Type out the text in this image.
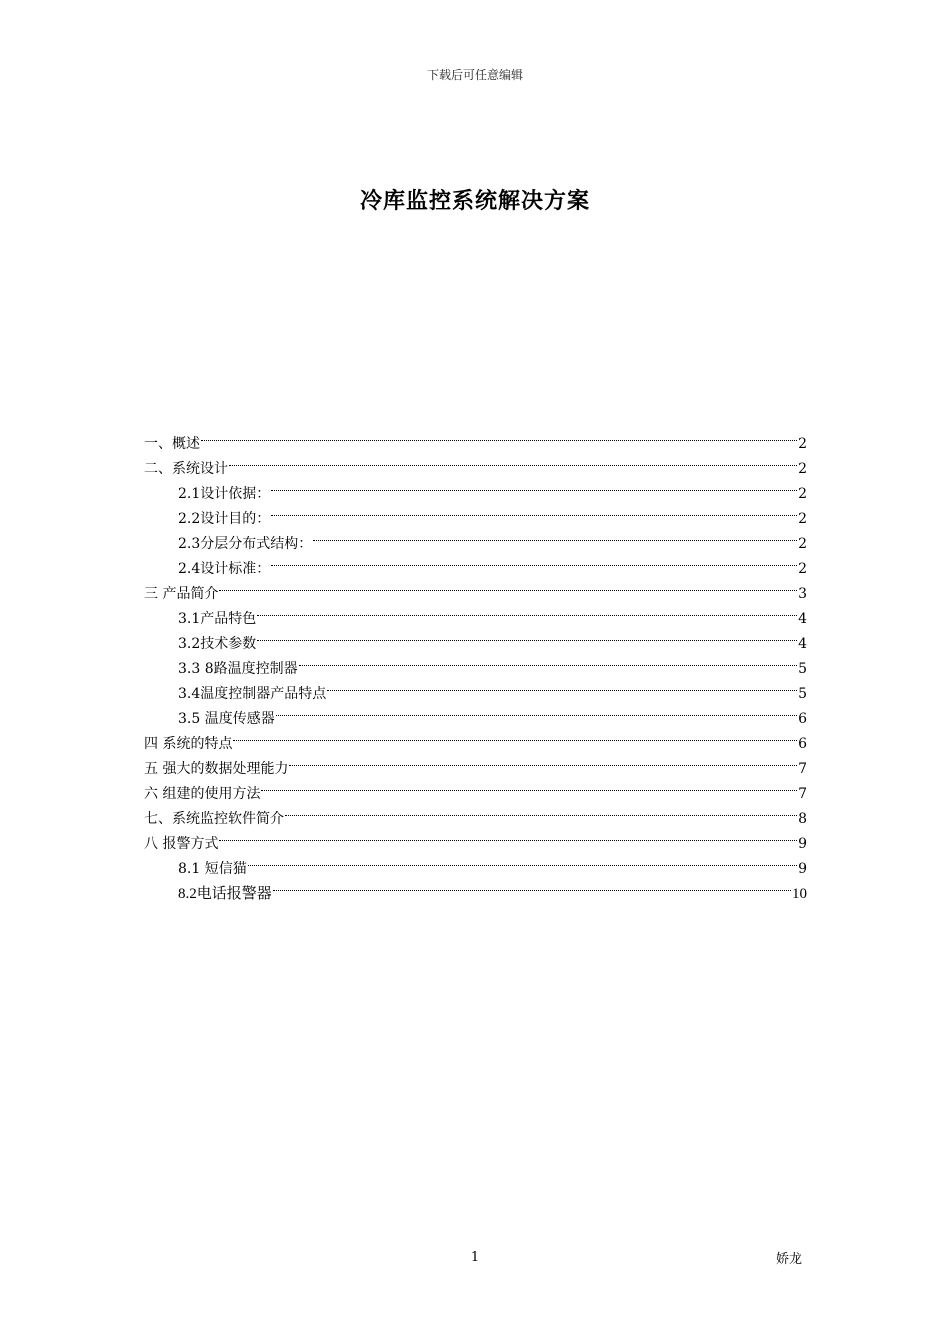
下载后可任意编辑
冷库监控系统解决方案
一、概述	2
二、系统设计	2
2.1设计依据：	2
2.2设计目的：	2
2.3分层分布式结构：	2
2.4设计标准：	2
三 产品简介	3
3.1产品特色	4
3.2技术参数	4
3.3 8路温度控制器	5
3.4温度控制器产品特点	5
3.5 温度传感器	6
四 系统的特点	6
五 强大的数据处理能力	7
六 组建的使用方法	7
七、系统监控软件简介	8
八 报警方式	9
8.1 短信猫	9
8.2电话报警器	10
1	娇龙
